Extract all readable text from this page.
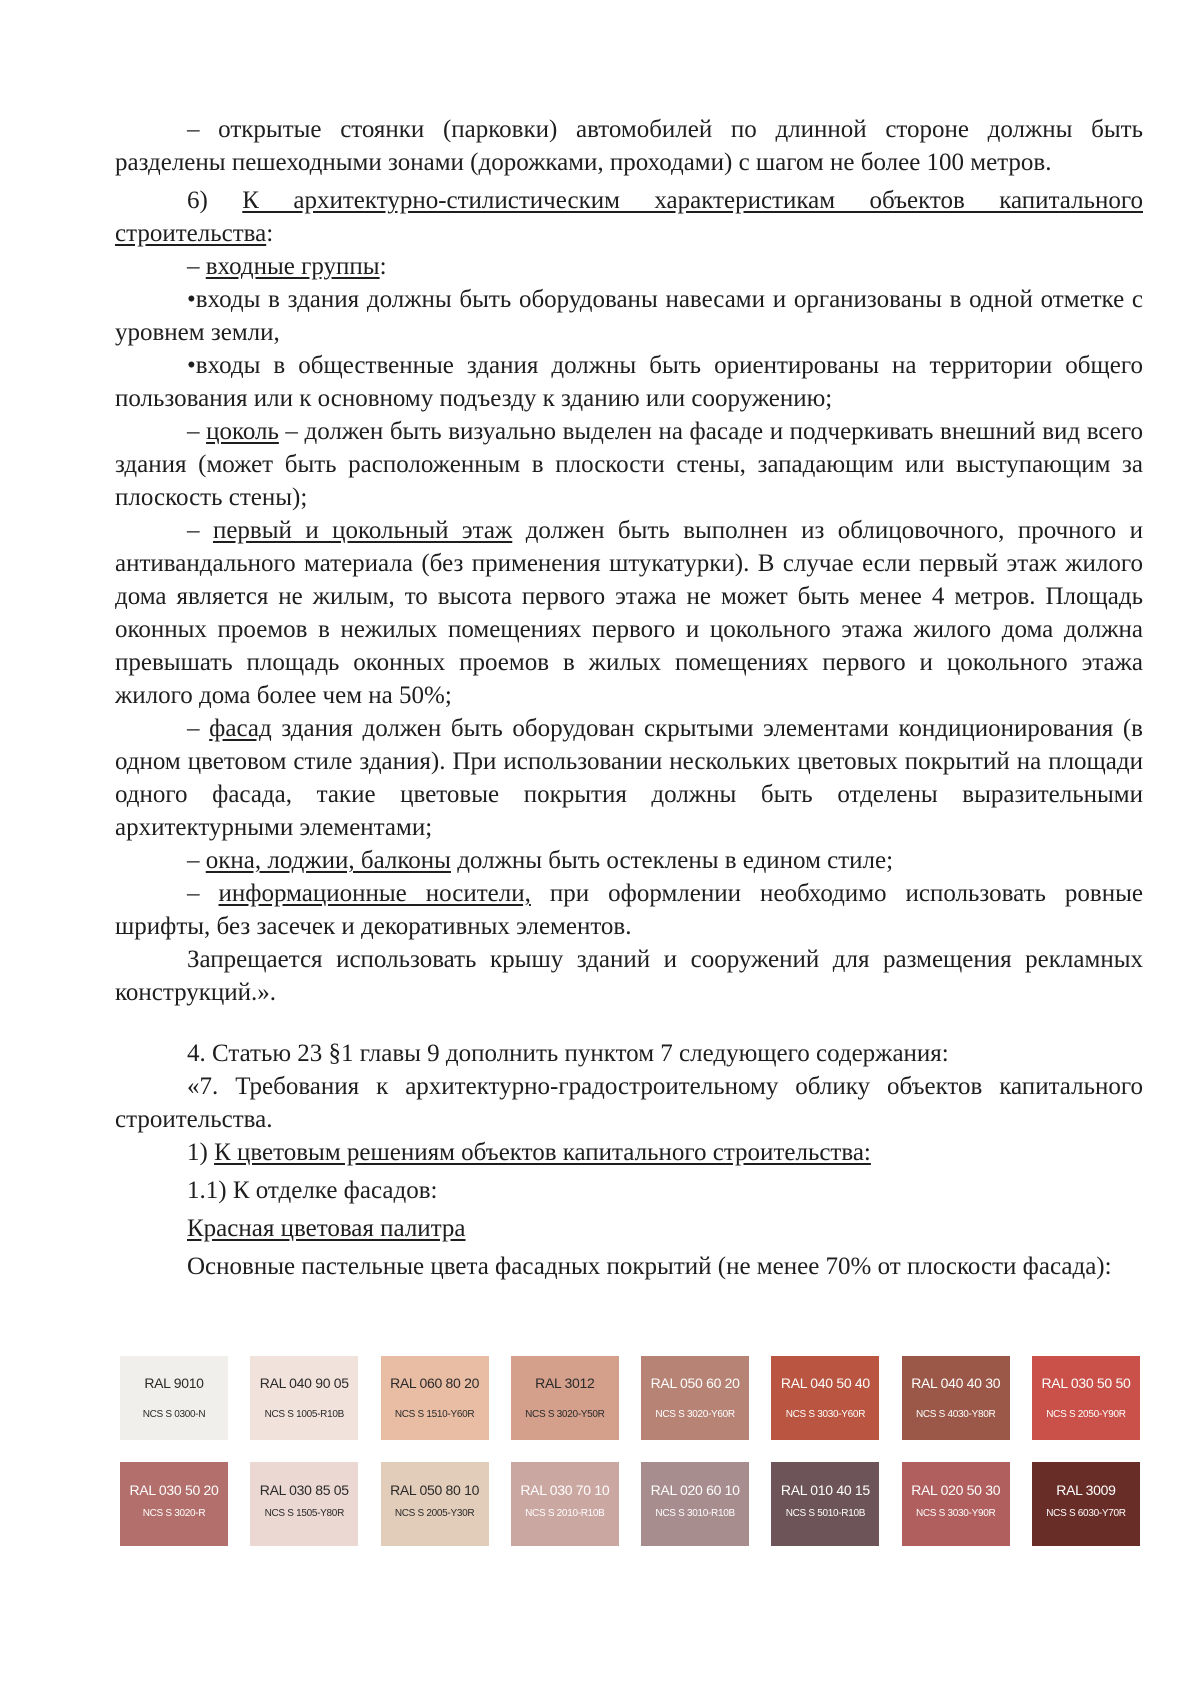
– открытые стоянки (парковки) автомобилей по длинной стороне должны быть разделены пешеходными зонами (дорожками, проходами) с шагом не более 100 метров.

6) К архитектурно-стилистическим характеристикам объектов капитального строительства:

– входные группы:

•входы в здания должны быть оборудованы навесами и организованы в одной отметке с уровнем земли,

•входы в общественные здания должны быть ориентированы на территории общего пользования или к основному подъезду к зданию или сооружению;

– цоколь – должен быть визуально выделен на фасаде и подчеркивать внешний вид всего здания (может быть расположенным в плоскости стены, западающим или выступающим за плоскость стены);

– первый и цокольный этаж должен быть выполнен из облицовочного, прочного и антивандального материала (без применения штукатурки). В случае если первый этаж жилого дома является не жилым, то высота первого этажа не может быть менее 4 метров. Площадь оконных проемов в нежилых помещениях первого и цокольного этажа жилого дома должна превышать площадь оконных проемов в жилых помещениях первого и цокольного этажа жилого дома более чем на 50%;

– фасад здания должен быть оборудован скрытыми элементами кондиционирования (в одном цветовом стиле здания). При использовании нескольких цветовых покрытий на площади одного фасада, такие цветовые покрытия должны быть отделены выразительными архитектурными элементами;

– окна, лоджии, балконы должны быть остеклены в едином стиле;

– информационные носители, при оформлении необходимо использовать ровные шрифты, без засечек и декоративных элементов.

Запрещается использовать крышу зданий и сооружений для размещения рекламных конструкций.».

4. Статью 23 §1 главы 9 дополнить пунктом 7 следующего содержания:

«7. Требования к архитектурно-градостроительному облику объектов капитального строительства.

1) К цветовым решениям объектов капитального строительства:

1.1) К отделке фасадов:

Красная цветовая палитра

Основные пастельные цвета фасадных покрытий (не менее 70% от плоскости фасада):

RAL 9010
NCS S 0300-N
RAL 040 90 05
NCS S 1005-R10B
RAL 060 80 20
NCS S 1510-Y60R
RAL 3012
NCS S 3020-Y50R
RAL 050 60 20
NCS S 3020-Y60R
RAL 040 50 40
NCS S 3030-Y60R
RAL 040 40 30
NCS S 4030-Y80R
RAL 030 50 50
NCS S 2050-Y90R
RAL 030 50 20
NCS S 3020-R
RAL 030 85 05
NCS S 1505-Y80R
RAL 050 80 10
NCS S 2005-Y30R
RAL 030 70 10
NCS S 2010-R10B
RAL 020 60 10
NCS S 3010-R10B
RAL 010 40 15
NCS S 5010-R10B
RAL 020 50 30
NCS S 3030-Y90R
RAL 3009
NCS S 6030-Y70R
